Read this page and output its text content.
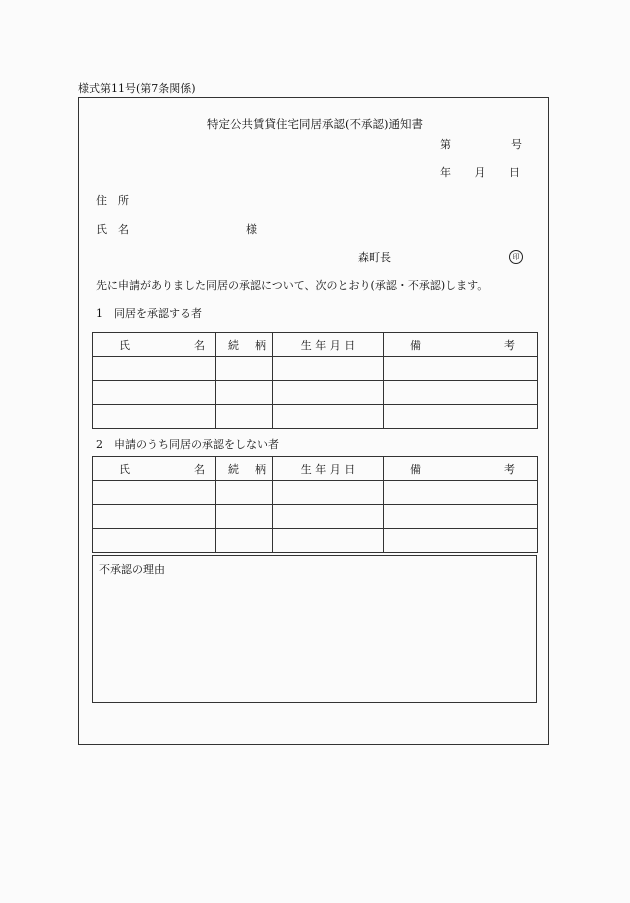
様式第11号(第7条関係)
特定公共賃貸住宅同居承認(不承認)通知書
第	号
年 月 日
住　所
氏　名	様
森町長	印
先に申請がありました同居の承認について、次のとおり(承認・不承認)します。
1　同居を承認する者
氏 名	続 柄	生 年 月 日	備 考

2　申請のうち同居の承認をしない者
氏 名	続 柄	生 年 月 日	備 考

不承認の理由
